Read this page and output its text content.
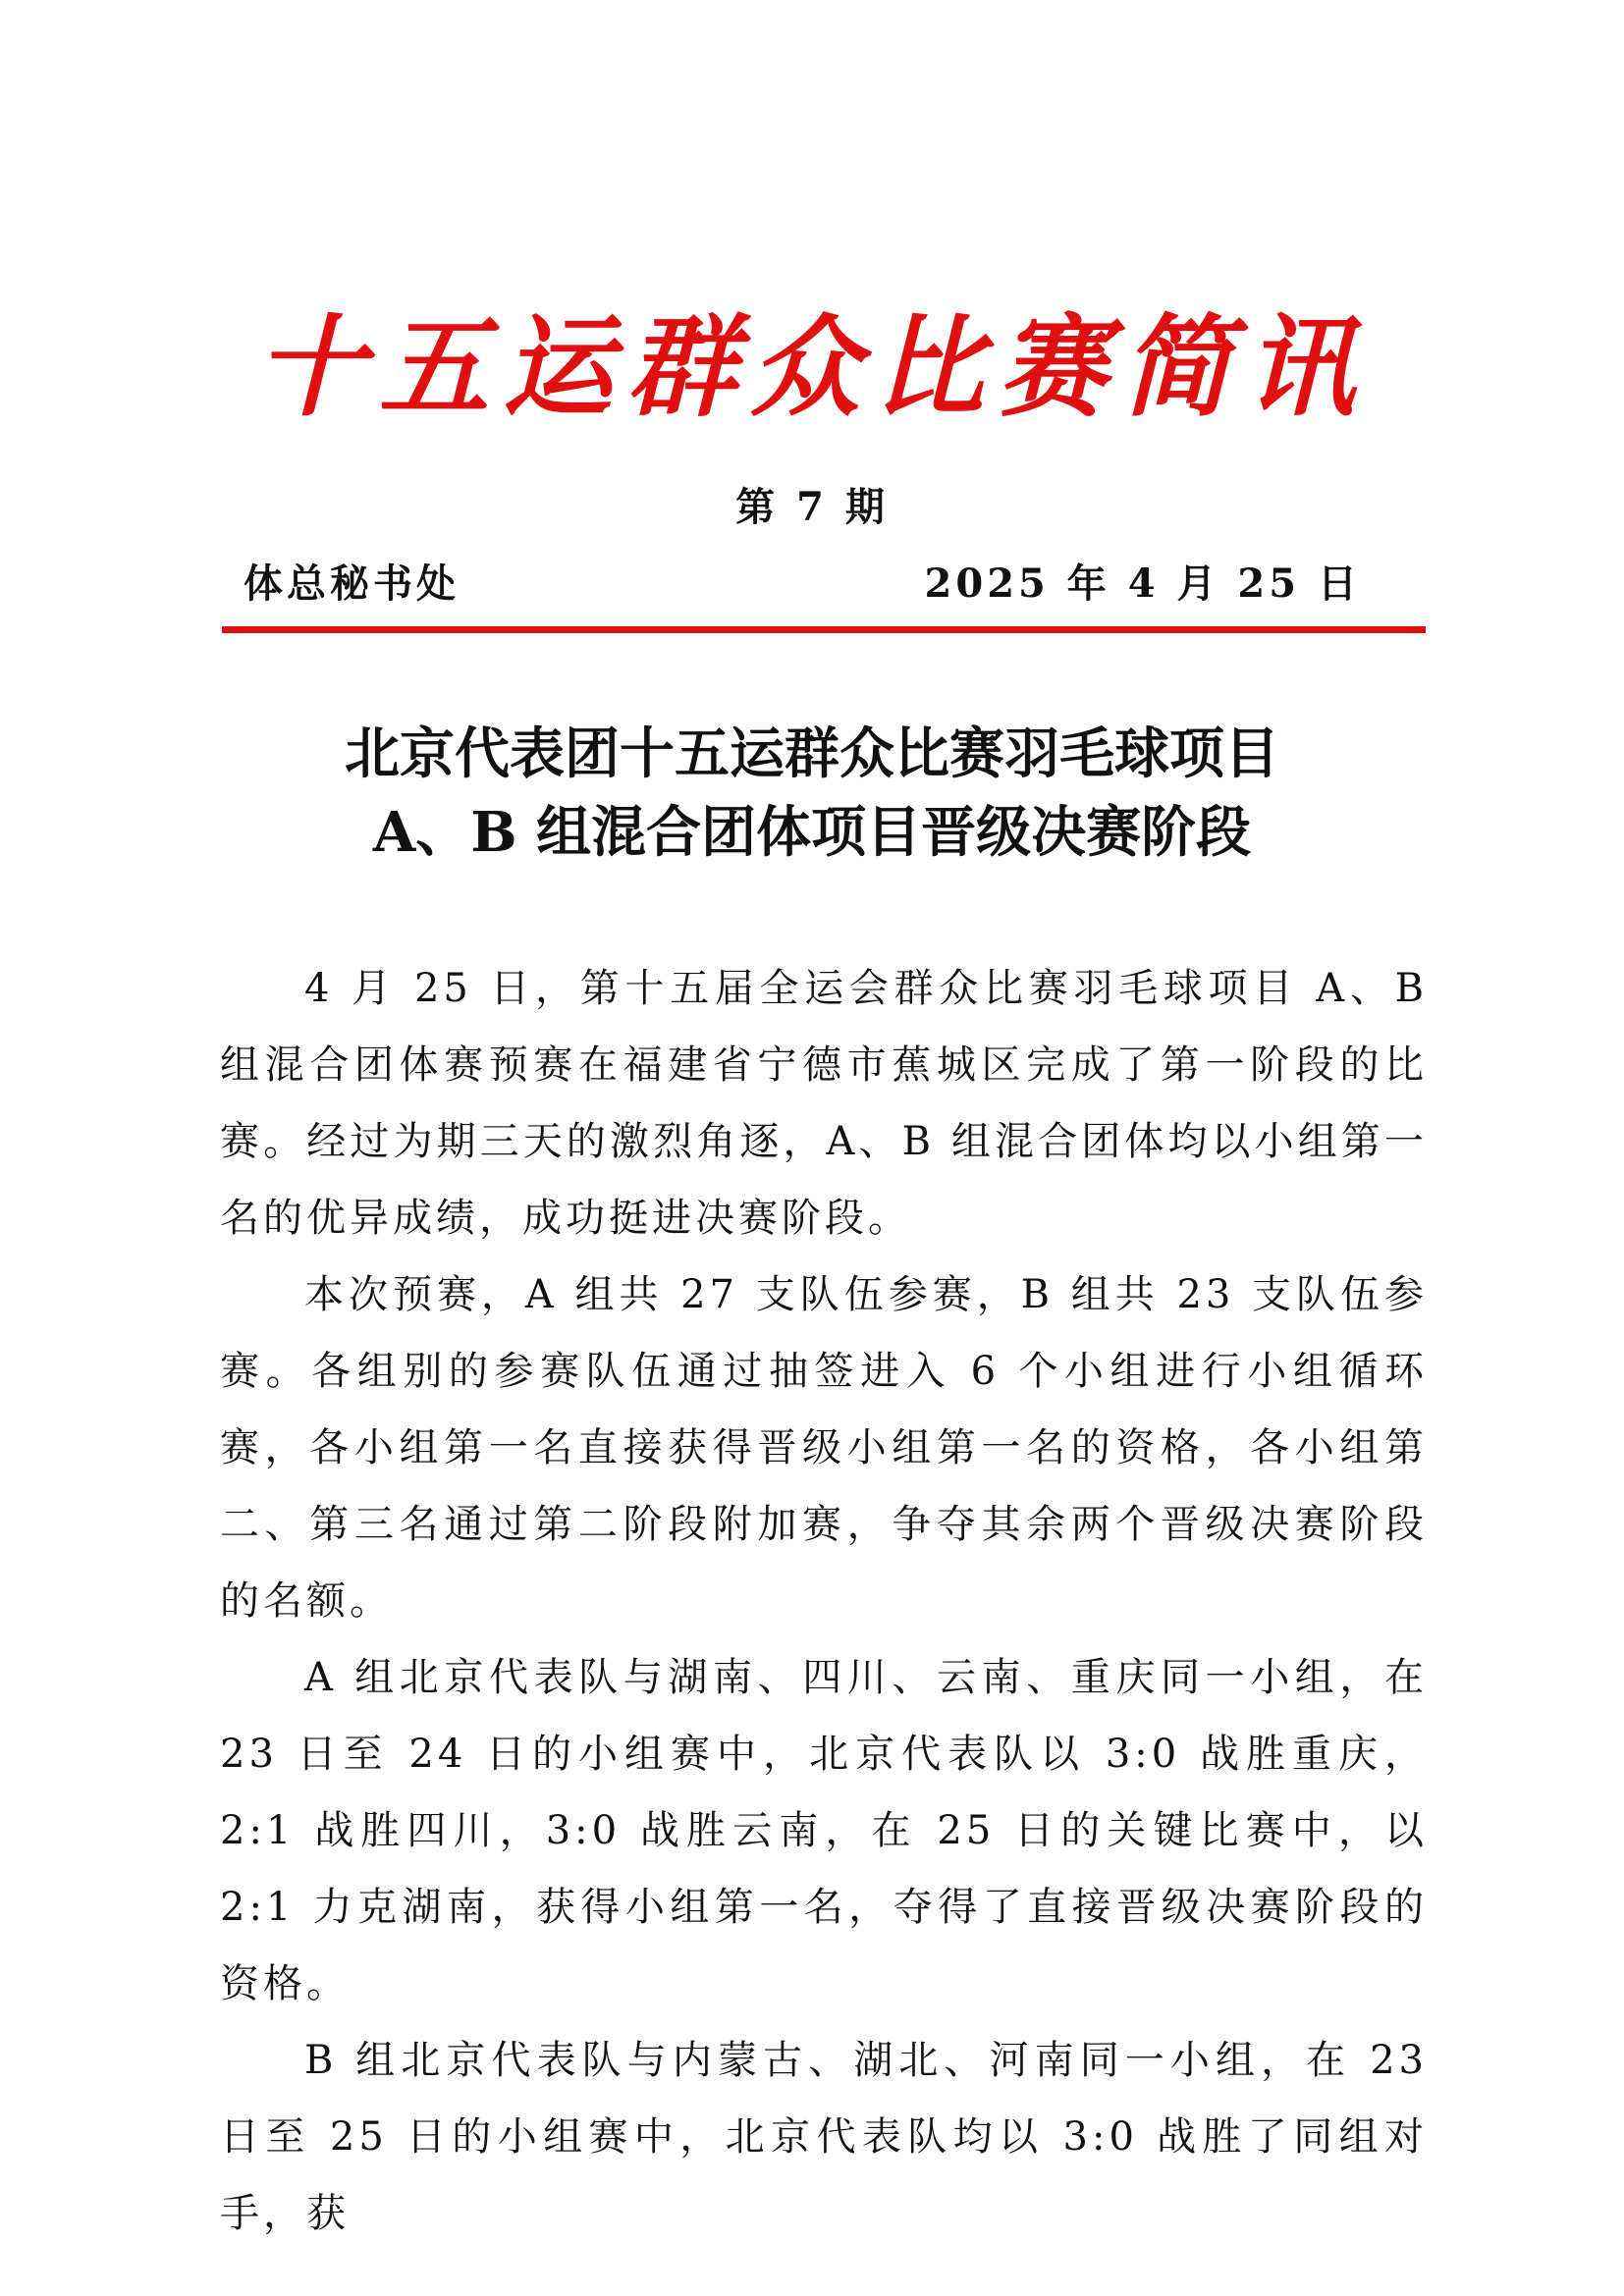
十五运群众比赛简讯
第 7 期
体总秘书处	2025 年 4 月 25 日
北京代表团十五运群众比赛羽毛球项目
A、B 组混合团体项目晋级决赛阶段

4 月 25 日，第十五届全运会群众比赛羽毛球项目 A、B 组混合团体赛预赛在福建省宁德市蕉城区完成了第一阶段的比赛。经过为期三天的激烈角逐，A、B 组混合团体均以小组第一名的优异成绩，成功挺进决赛阶段。

本次预赛，A 组共 27 支队伍参赛，B 组共 23 支队伍参赛。各组别的参赛队伍通过抽签进入 6 个小组进行小组循环赛，各小组第一名直接获得晋级小组第一名的资格，各小组第二、第三名通过第二阶段附加赛，争夺其余两个晋级决赛阶段的名额。

A 组北京代表队与湖南、四川、云南、重庆同一小组，在 23 日至 24 日的小组赛中，北京代表队以 3:0 战胜重庆，2:1 战胜四川，3:0 战胜云南，在 25 日的关键比赛中，以 2:1 力克湖南，获得小组第一名，夺得了直接晋级决赛阶段的资格。

B 组北京代表队与内蒙古、湖北、河南同一小组，在 23 日至 25 日的小组赛中，北京代表队均以 3:0 战胜了同组对手，获
